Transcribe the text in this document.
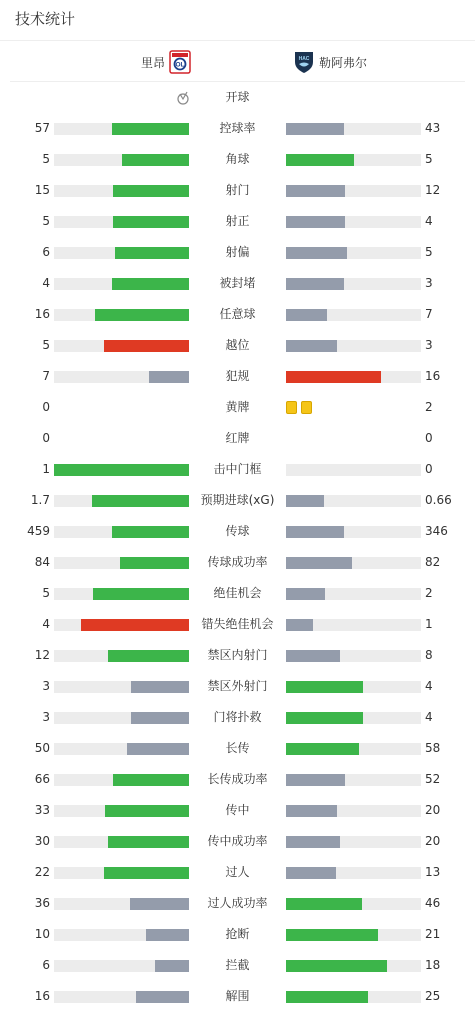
技术统计
里昂 OL
HAC 勒阿弗尔
开球
57	控球率	43
5	角球	5
15	射门	12
5	射正	4
6	射偏	5
4	被封堵	3
16	任意球	7
5	越位	3
7	犯规	16
0	黄牌	2
0	红牌	0
1	击中门框	0
1.7	预期进球(xG)	0.66
459	传球	346
84	传球成功率	82
5	绝佳机会	2
4	错失绝佳机会	1
12	禁区内射门	8
3	禁区外射门	4
3	门将扑救	4
50	长传	58
66	长传成功率	52
33	传中	20
30	传中成功率	20
22	过人	13
36	过人成功率	46
10	抢断	21
6	拦截	18
16	解围	25
